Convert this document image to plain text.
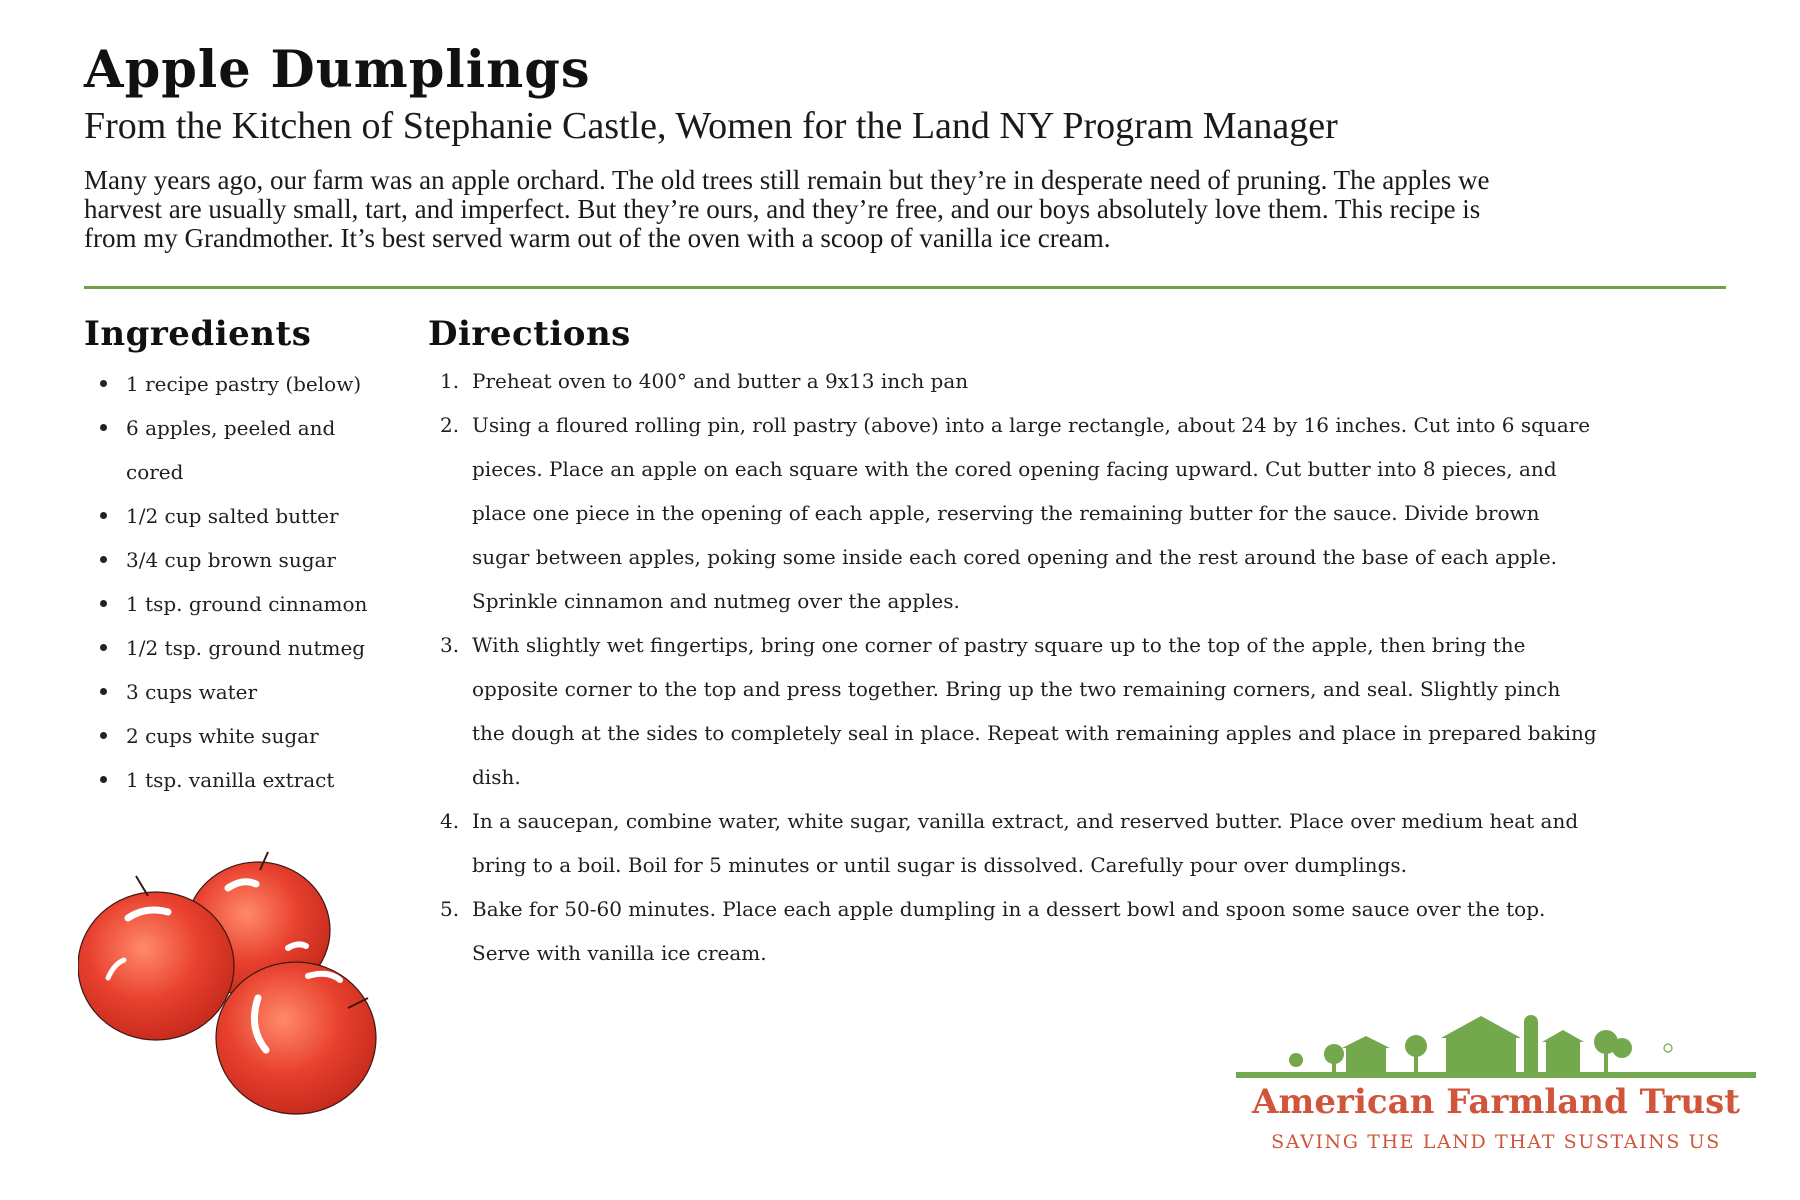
Apple Dumplings
From the Kitchen of Stephanie Castle, Women for the Land NY Program Manager
Many years ago, our farm was an apple orchard. The old trees still remain but they’re in desperate need of pruning. The apples we
harvest are usually small, tart, and imperfect. But they’re ours, and they’re free, and our boys absolutely love them. This recipe is
from my Grandmother. It’s best served warm out of the oven with a scoop of vanilla ice cream.
Ingredients	Directions
1 recipe pastry (below)
6 apples, peeled and
cored
1/2 cup salted butter
3/4 cup brown sugar
1 tsp. ground cinnamon
1/2 tsp. ground nutmeg
3 cups water
2 cups white sugar
1 tsp. vanilla extract
1. Preheat oven to 400° and butter a 9x13 inch pan
2. Using a floured rolling pin, roll pastry (above) into a large rectangle, about 24 by 16 inches. Cut into 6 square
pieces. Place an apple on each square with the cored opening facing upward. Cut butter into 8 pieces, and
place one piece in the opening of each apple, reserving the remaining butter for the sauce. Divide brown
sugar between apples, poking some inside each cored opening and the rest around the base of each apple.
Sprinkle cinnamon and nutmeg over the apples.
3. With slightly wet fingertips, bring one corner of pastry square up to the top of the apple, then bring the
opposite corner to the top and press together. Bring up the two remaining corners, and seal. Slightly pinch
the dough at the sides to completely seal in place. Repeat with remaining apples and place in prepared baking
dish.
4. In a saucepan, combine water, white sugar, vanilla extract, and reserved butter. Place over medium heat and
bring to a boil. Boil for 5 minutes or until sugar is dissolved. Carefully pour over dumplings.
5. Bake for 50-60 minutes. Place each apple dumpling in a dessert bowl and spoon some sauce over the top.
Serve with vanilla ice cream.
American Farmland Trust
SAVING THE LAND THAT SUSTAINS US
